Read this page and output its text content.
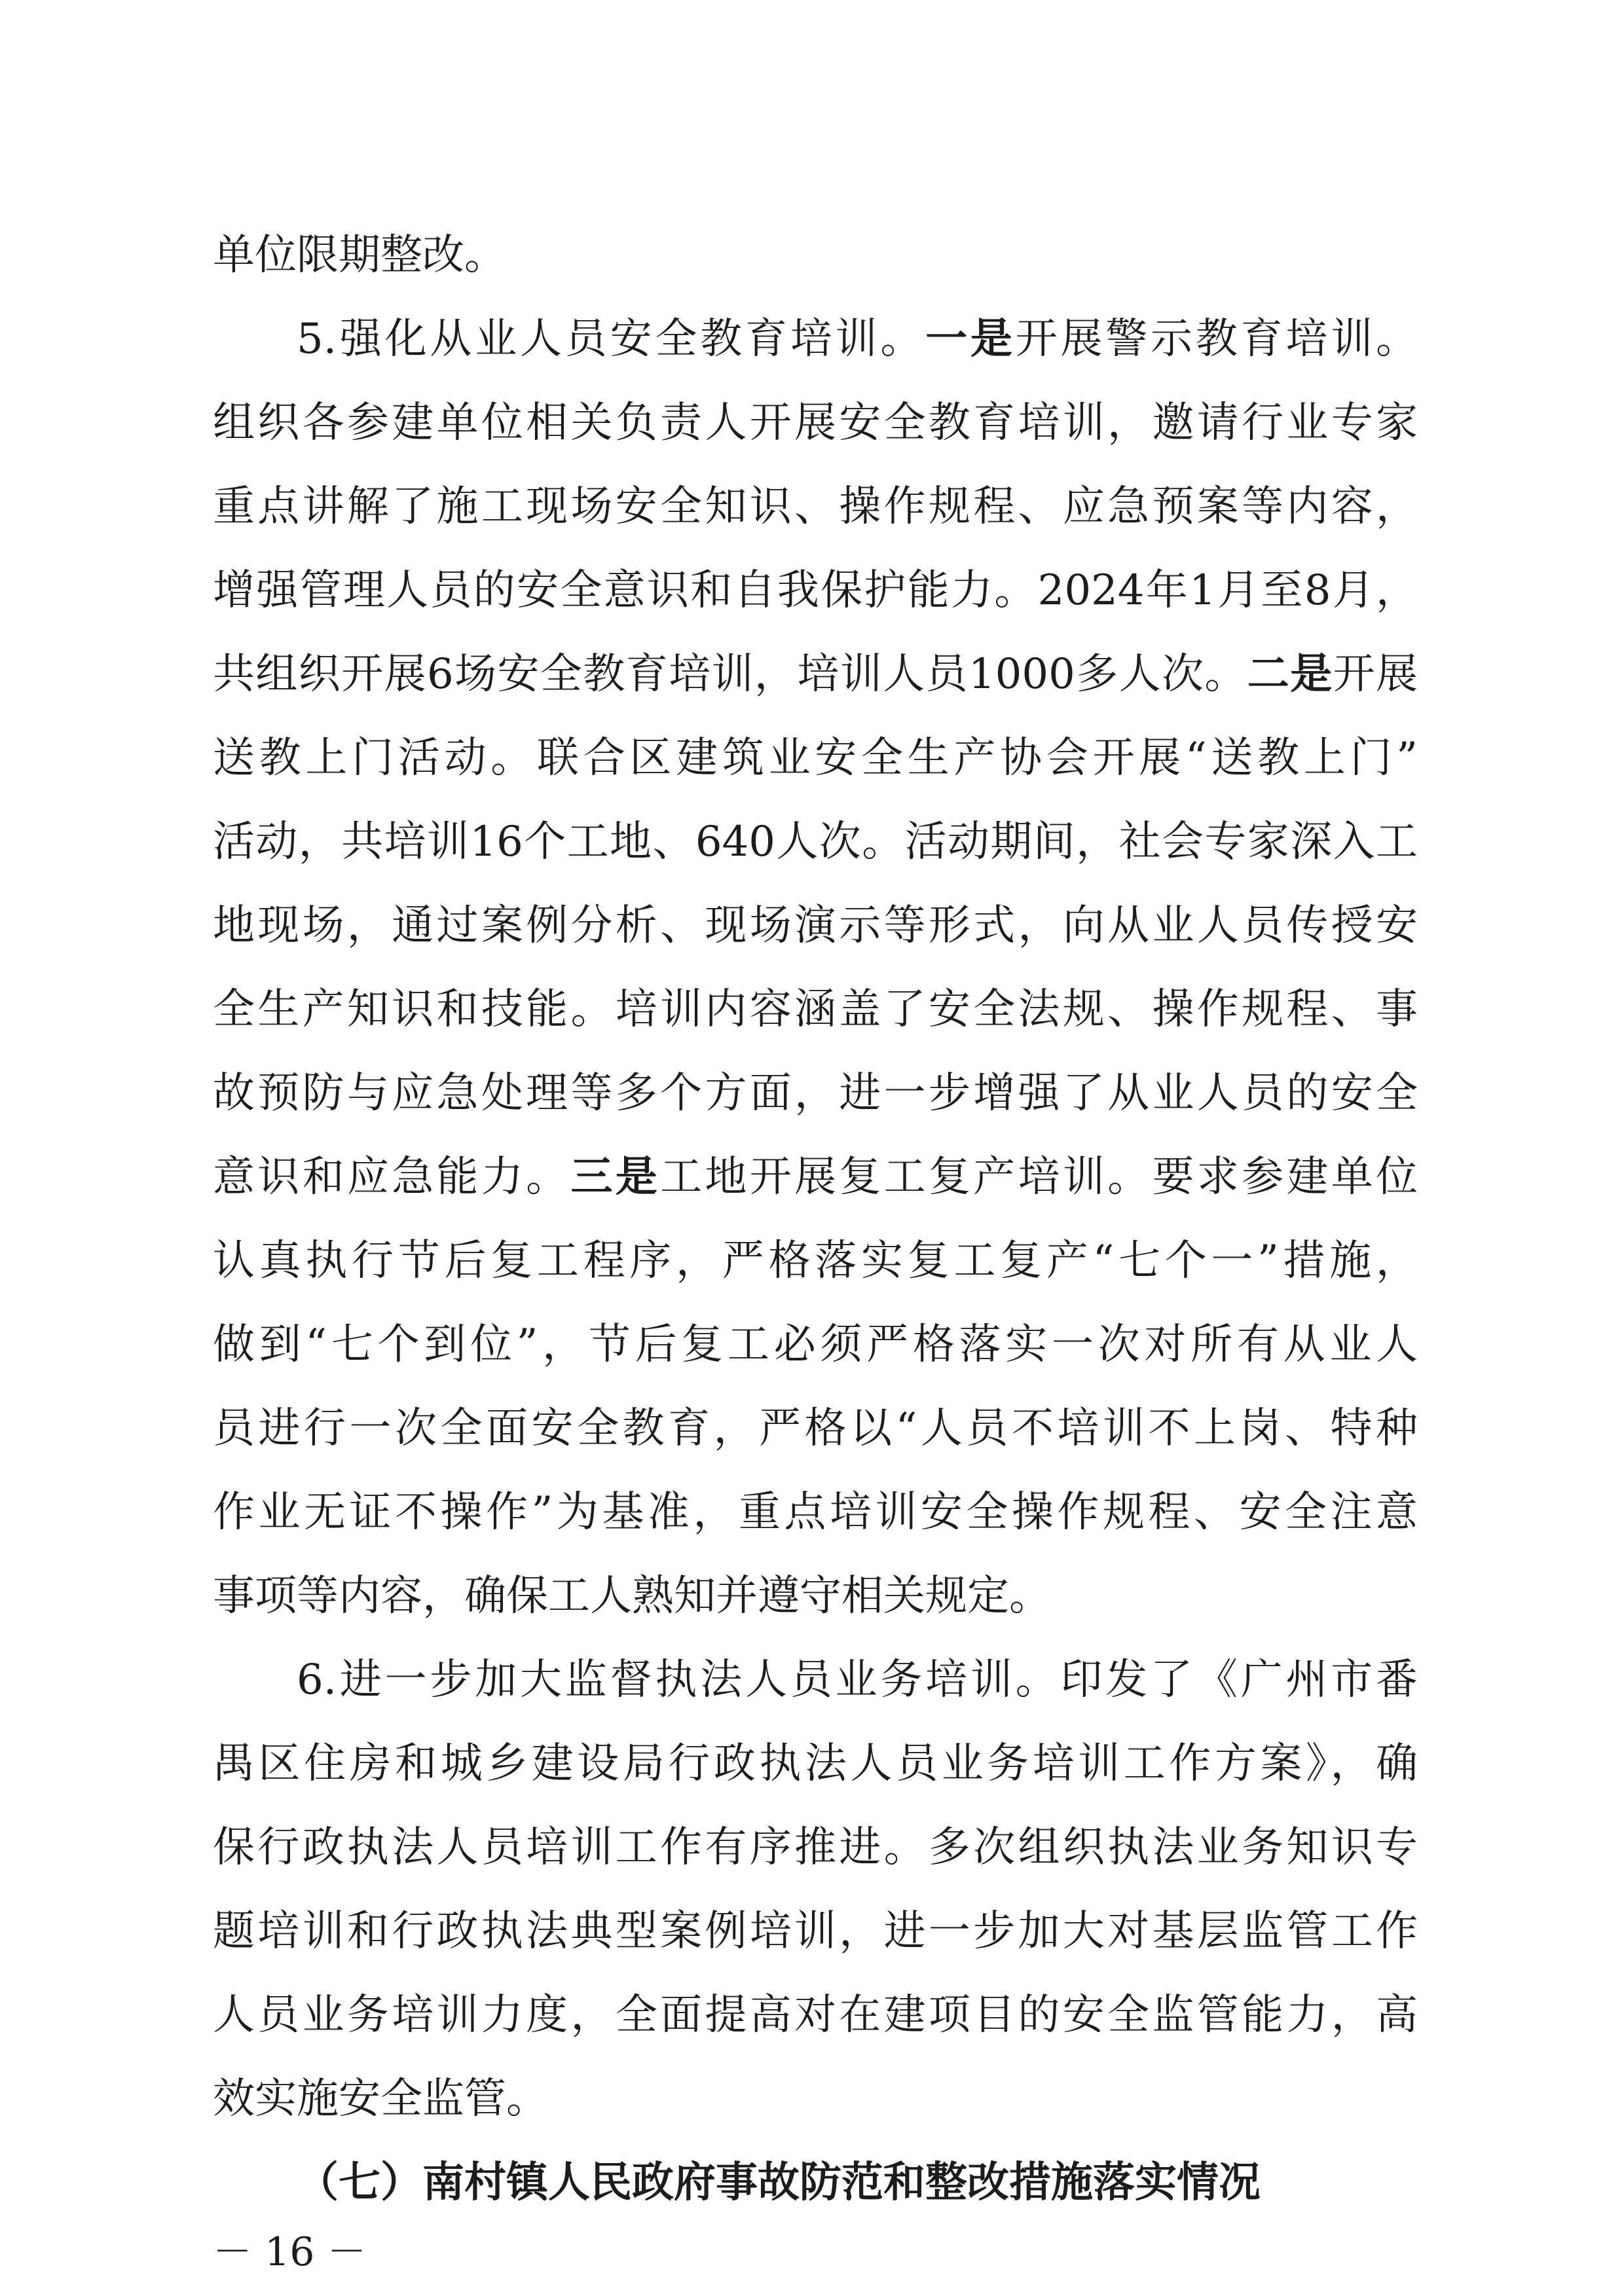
单位限期整改。
5.强化从业人员安全教育培训。一是开展警示教育培训。
组织各参建单位相关负责人开展安全教育培训，邀请行业专家
重点讲解了施工现场安全知识、操作规程、应急预案等内容，
增强管理人员的安全意识和自我保护能力。2024年1月至8月，
共组织开展6场安全教育培训，培训人员1000多人次。二是开展
送教上门活动。联合区建筑业安全生产协会开展“送教上门”
活动，共培训16个工地、640人次。活动期间，社会专家深入工
地现场，通过案例分析、现场演示等形式，向从业人员传授安
全生产知识和技能。培训内容涵盖了安全法规、操作规程、事
故预防与应急处理等多个方面，进一步增强了从业人员的安全
意识和应急能力。三是工地开展复工复产培训。要求参建单位
认真执行节后复工程序，严格落实复工复产“七个一”措施，
做到“七个到位”，节后复工必须严格落实一次对所有从业人
员进行一次全面安全教育，严格以“人员不培训不上岗、特种
作业无证不操作”为基准，重点培训安全操作规程、安全注意
事项等内容，确保工人熟知并遵守相关规定。
6.进一步加大监督执法人员业务培训。印发了《广州市番
禺区住房和城乡建设局行政执法人员业务培训工作方案》，确
保行政执法人员培训工作有序推进。多次组织执法业务知识专
题培训和行政执法典型案例培训，进一步加大对基层监管工作
人员业务培训力度，全面提高对在建项目的安全监管能力，高
效实施安全监管。
（七）南村镇人民政府事故防范和整改措施落实情况
－ 16 －
